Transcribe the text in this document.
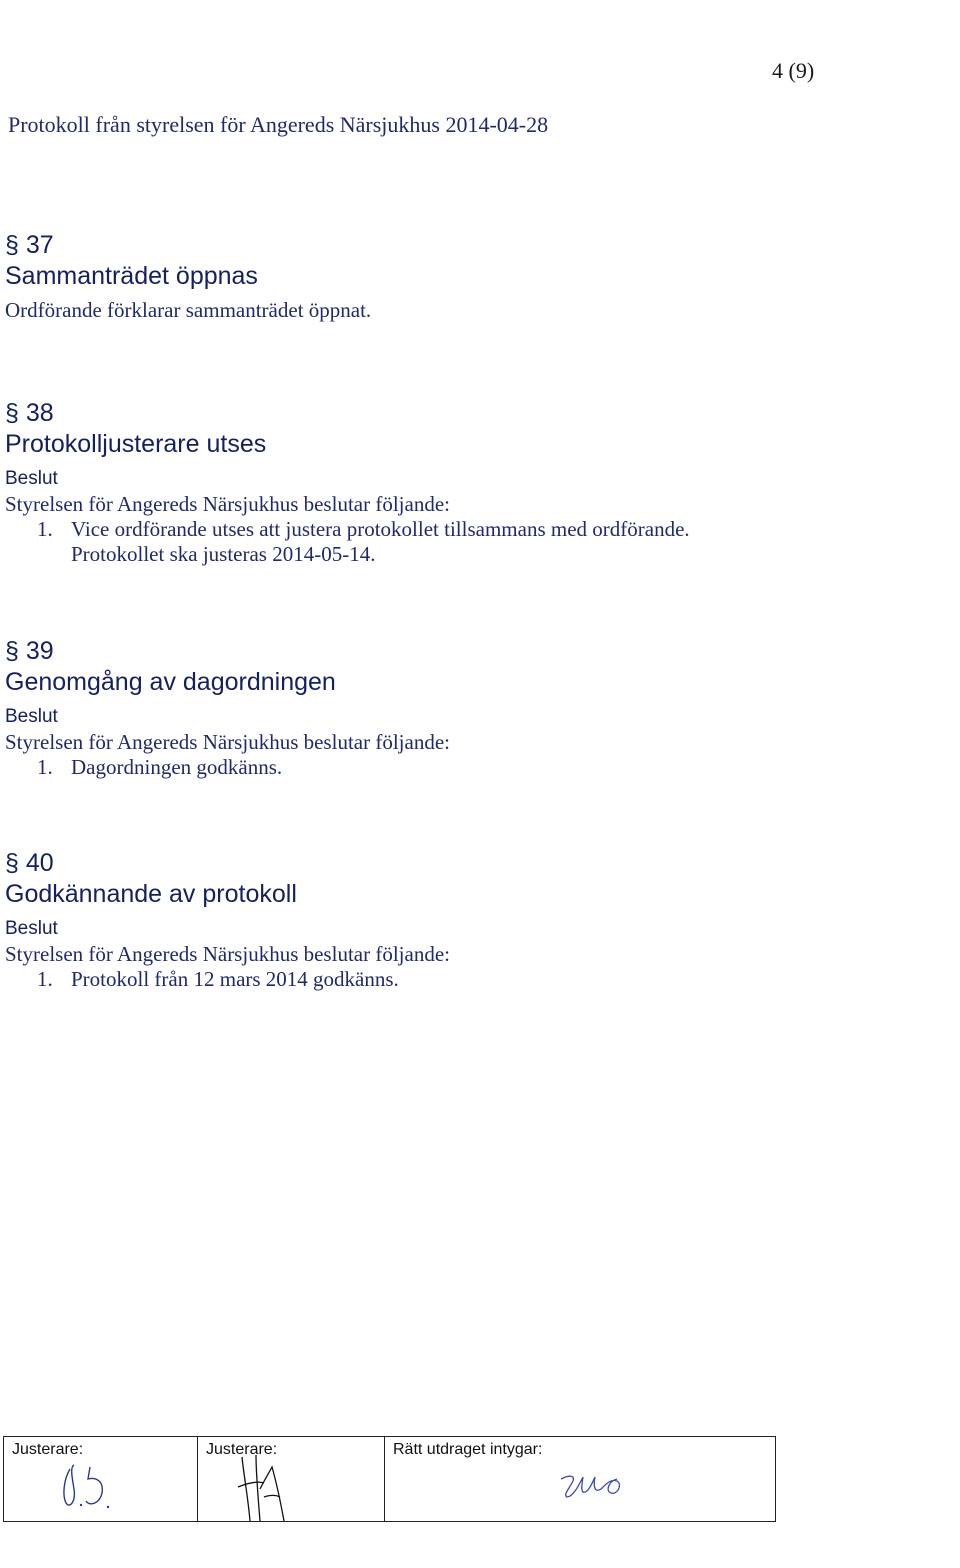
4 (9)
Protokoll från styrelsen för Angereds Närsjukhus 2014-04-28
§ 37
Sammanträdet öppnas
Ordförande förklarar sammanträdet öppnat.
§ 38
Protokolljusterare utses
Beslut
Styrelsen för Angereds Närsjukhus beslutar följande:
1. Vice ordförande utses att justera protokollet tillsammans med ordförande.
Protokollet ska justeras 2014-05-14.
§ 39
Genomgång av dagordningen
Beslut
Styrelsen för Angereds Närsjukhus beslutar följande:
1. Dagordningen godkänns.
§ 40
Godkännande av protokoll
Beslut
Styrelsen för Angereds Närsjukhus beslutar följande:
1. Protokoll från 12 mars 2014 godkänns.
Justerare:	Justerare:	Rätt utdraget intygar:
